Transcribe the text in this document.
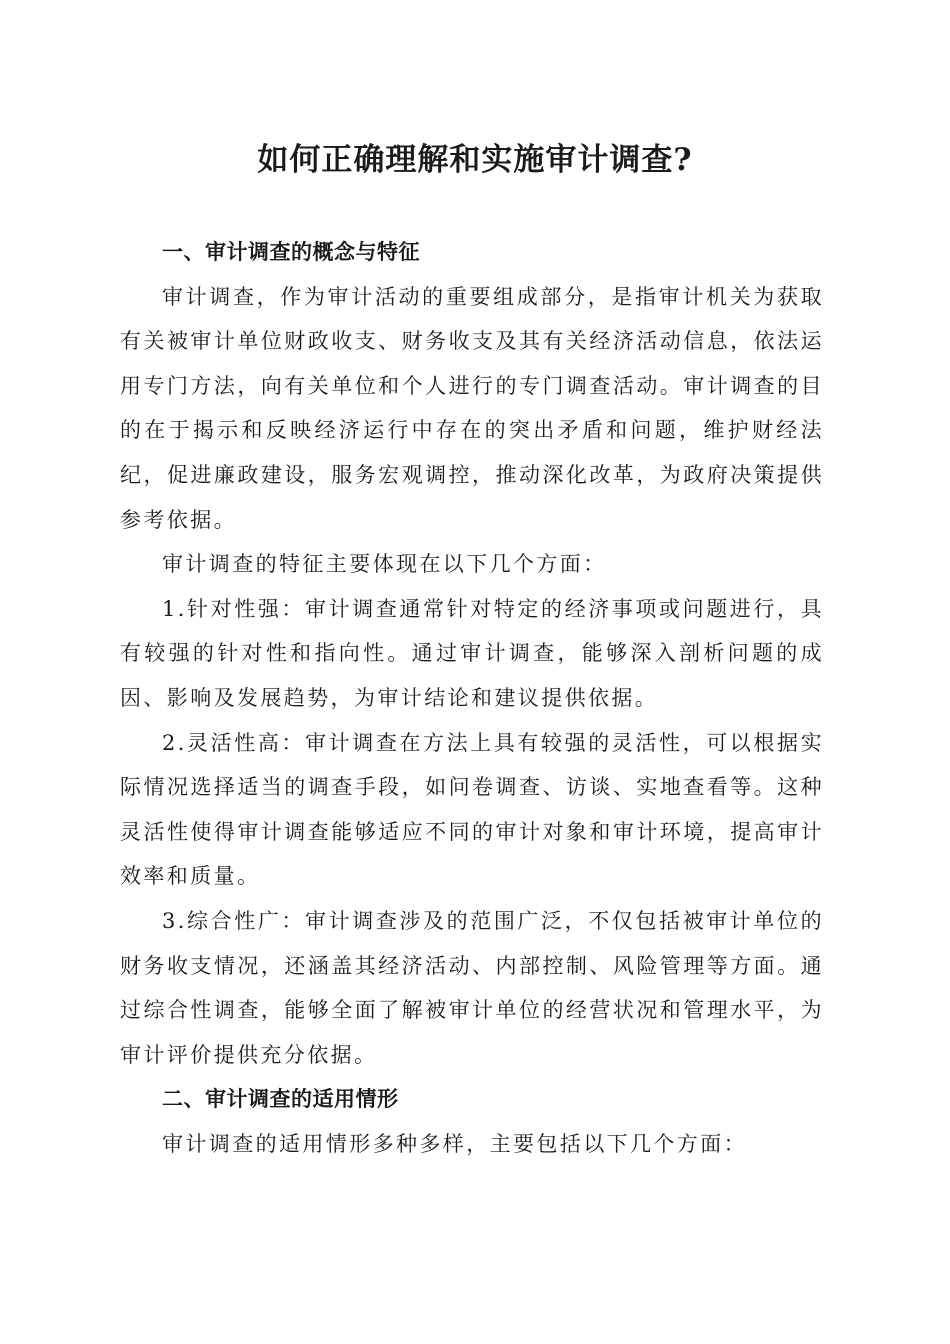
如何正确理解和实施审计调查?
一、审计调查的概念与特征

审计调查，作为审计活动的重要组成部分，是指审计机关为获取有关被审计单位财政收支、财务收支及其有关经济活动信息，依法运用专门方法，向有关单位和个人进行的专门调查活动。审计调查的目的在于揭示和反映经济运行中存在的突出矛盾和问题，维护财经法纪，促进廉政建设，服务宏观调控，推动深化改革，为政府决策提供参考依据。

审计调查的特征主要体现在以下几个方面：

1.针对性强：审计调查通常针对特定的经济事项或问题进行，具有较强的针对性和指向性。通过审计调查，能够深入剖析问题的成因、影响及发展趋势，为审计结论和建议提供依据。

2.灵活性高：审计调查在方法上具有较强的灵活性，可以根据实际情况选择适当的调查手段，如问卷调查、访谈、实地查看等。这种灵活性使得审计调查能够适应不同的审计对象和审计环境，提高审计效率和质量。

3.综合性广：审计调查涉及的范围广泛，不仅包括被审计单位的财务收支情况，还涵盖其经济活动、内部控制、风险管理等方面。通过综合性调查，能够全面了解被审计单位的经营状况和管理水平，为审计评价提供充分依据。

二、审计调查的适用情形

审计调查的适用情形多种多样，主要包括以下几个方面：
